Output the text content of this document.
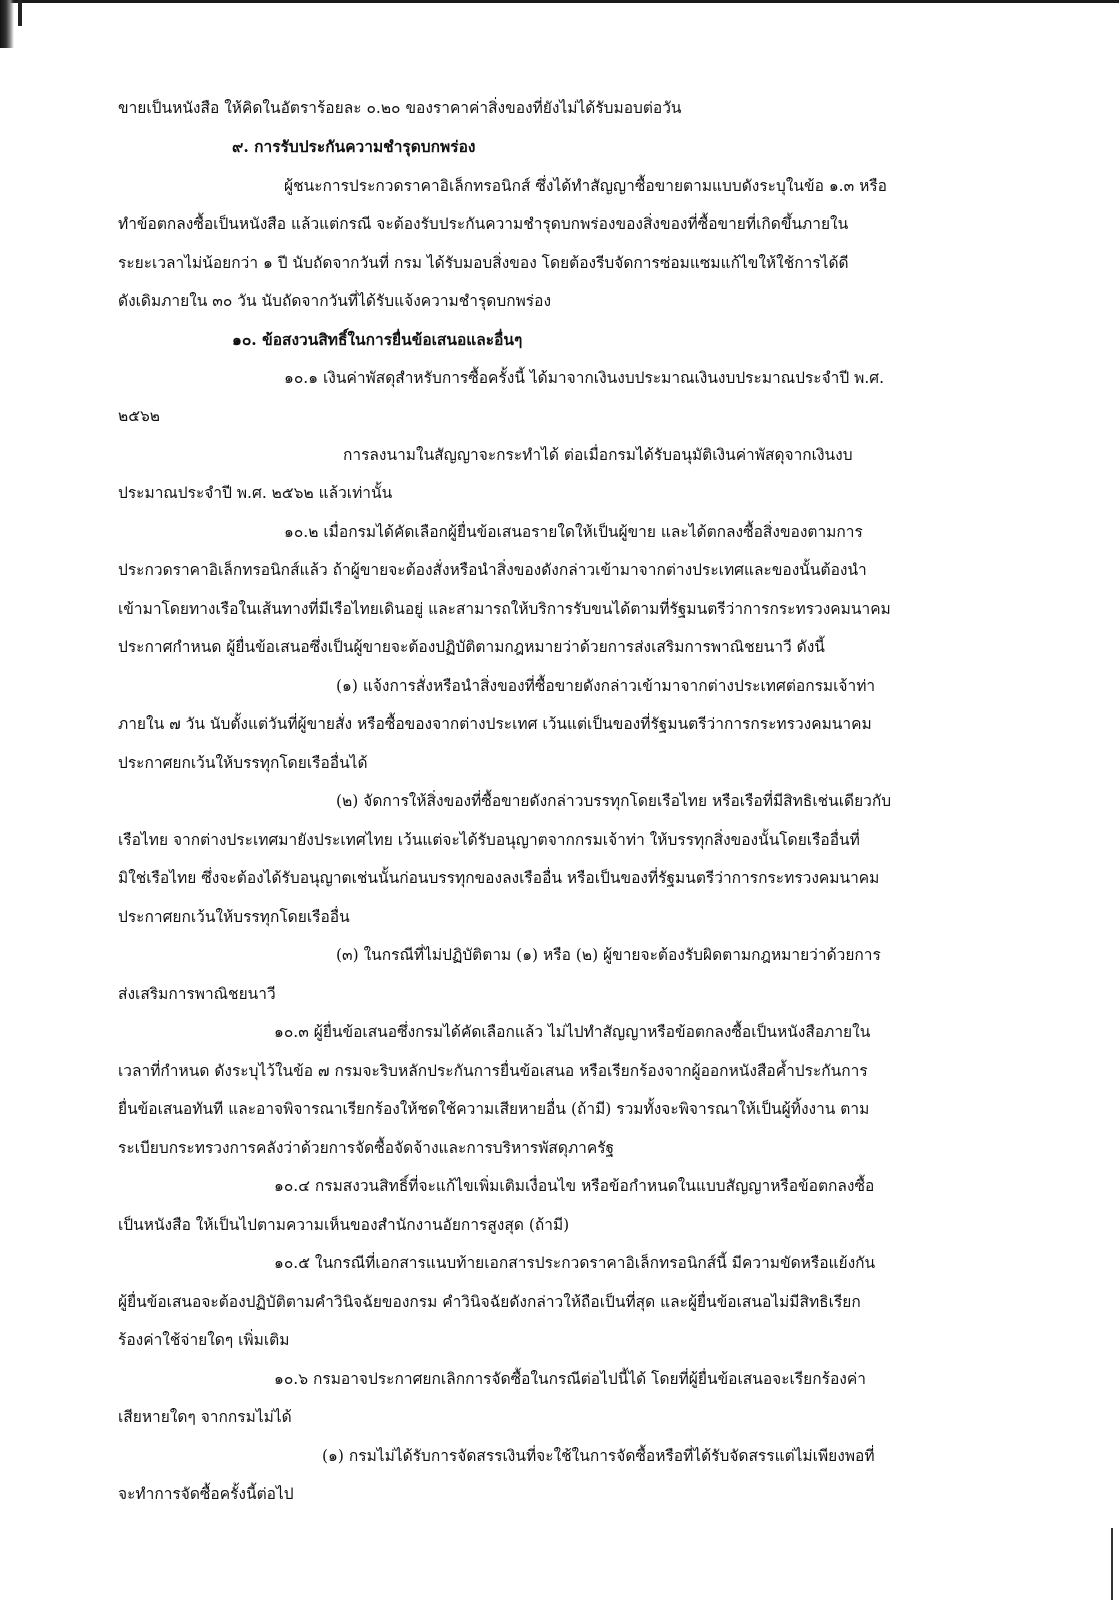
ขายเป็นหนังสือ ให้คิดในอัตราร้อยละ ๐.๒๐ ของราคาค่าสิ่งของที่ยังไม่ได้รับมอบต่อวัน

๙. การรับประกันความชำรุดบกพร่อง

ผู้ชนะการประกวดราคาอิเล็กทรอนิกส์ ซึ่งได้ทำสัญญาซื้อขายตามแบบดังระบุในข้อ ๑.๓ หรือ

ทำข้อตกลงซื้อเป็นหนังสือ แล้วแต่กรณี จะต้องรับประกันความชำรุดบกพร่องของสิ่งของที่ซื้อขายที่เกิดขึ้นภายใน

ระยะเวลาไม่น้อยกว่า ๑ ปี นับถัดจากวันที่ กรม ได้รับมอบสิ่งของ โดยต้องรีบจัดการซ่อมแซมแก้ไขให้ใช้การได้ดี

ดังเดิมภายใน ๓๐ วัน นับถัดจากวันที่ได้รับแจ้งความชำรุดบกพร่อง

๑๐. ข้อสงวนสิทธิ์ในการยื่นข้อเสนอและอื่นๆ

๑๐.๑ เงินค่าพัสดุสำหรับการซื้อครั้งนี้ ได้มาจากเงินงบประมาณเงินงบประมาณประจำปี พ.ศ.

๒๕๖๒

การลงนามในสัญญาจะกระทำได้ ต่อเมื่อกรมได้รับอนุมัติเงินค่าพัสดุจากเงินงบ

ประมาณประจำปี พ.ศ. ๒๕๖๒ แล้วเท่านั้น

๑๐.๒ เมื่อกรมได้คัดเลือกผู้ยื่นข้อเสนอรายใดให้เป็นผู้ขาย และได้ตกลงซื้อสิ่งของตามการ

ประกวดราคาอิเล็กทรอนิกส์แล้ว ถ้าผู้ขายจะต้องสั่งหรือนำสิ่งของดังกล่าวเข้ามาจากต่างประเทศและของนั้นต้องนำ

เข้ามาโดยทางเรือในเส้นทางที่มีเรือไทยเดินอยู่ และสามารถให้บริการรับขนได้ตามที่รัฐมนตรีว่าการกระทรวงคมนาคม

ประกาศกำหนด ผู้ยื่นข้อเสนอซึ่งเป็นผู้ขายจะต้องปฏิบัติตามกฎหมายว่าด้วยการส่งเสริมการพาณิชยนาวี ดังนี้

(๑) แจ้งการสั่งหรือนำสิ่งของที่ซื้อขายดังกล่าวเข้ามาจากต่างประเทศต่อกรมเจ้าท่า

ภายใน ๗ วัน นับตั้งแต่วันที่ผู้ขายสั่ง หรือซื้อของจากต่างประเทศ เว้นแต่เป็นของที่รัฐมนตรีว่าการกระทรวงคมนาคม

ประกาศยกเว้นให้บรรทุกโดยเรืออื่นได้

(๒) จัดการให้สิ่งของที่ซื้อขายดังกล่าวบรรทุกโดยเรือไทย หรือเรือที่มีสิทธิเช่นเดียวกับ

เรือไทย จากต่างประเทศมายังประเทศไทย เว้นแต่จะได้รับอนุญาตจากกรมเจ้าท่า ให้บรรทุกสิ่งของนั้นโดยเรืออื่นที่

มิใช่เรือไทย ซึ่งจะต้องได้รับอนุญาตเช่นนั้นก่อนบรรทุกของลงเรืออื่น หรือเป็นของที่รัฐมนตรีว่าการกระทรวงคมนาคม

ประกาศยกเว้นให้บรรทุกโดยเรืออื่น

(๓) ในกรณีที่ไม่ปฏิบัติตาม (๑) หรือ (๒) ผู้ขายจะต้องรับผิดตามกฎหมายว่าด้วยการ

ส่งเสริมการพาณิชยนาวี

๑๐.๓ ผู้ยื่นข้อเสนอซึ่งกรมได้คัดเลือกแล้ว ไม่ไปทำสัญญาหรือข้อตกลงซื้อเป็นหนังสือภายใน

เวลาที่กำหนด ดังระบุไว้ในข้อ ๗ กรมจะริบหลักประกันการยื่นข้อเสนอ หรือเรียกร้องจากผู้ออกหนังสือค้ำประกันการ

ยื่นข้อเสนอทันที และอาจพิจารณาเรียกร้องให้ชดใช้ความเสียหายอื่น (ถ้ามี) รวมทั้งจะพิจารณาให้เป็นผู้ทิ้งงาน ตาม

ระเบียบกระทรวงการคลังว่าด้วยการจัดซื้อจัดจ้างและการบริหารพัสดุภาครัฐ

๑๐.๔ กรมสงวนสิทธิ์ที่จะแก้ไขเพิ่มเติมเงื่อนไข หรือข้อกำหนดในแบบสัญญาหรือข้อตกลงซื้อ

เป็นหนังสือ ให้เป็นไปตามความเห็นของสำนักงานอัยการสูงสุด (ถ้ามี)

๑๐.๕ ในกรณีที่เอกสารแนบท้ายเอกสารประกวดราคาอิเล็กทรอนิกส์นี้ มีความขัดหรือแย้งกัน

ผู้ยื่นข้อเสนอจะต้องปฏิบัติตามคำวินิจฉัยของกรม คำวินิจฉัยดังกล่าวให้ถือเป็นที่สุด และผู้ยื่นข้อเสนอไม่มีสิทธิเรียก

ร้องค่าใช้จ่ายใดๆ เพิ่มเติม

๑๐.๖ กรมอาจประกาศยกเลิกการจัดซื้อในกรณีต่อไปนี้ได้ โดยที่ผู้ยื่นข้อเสนอจะเรียกร้องค่า

เสียหายใดๆ จากกรมไม่ได้

(๑) กรมไม่ได้รับการจัดสรรเงินที่จะใช้ในการจัดซื้อหรือที่ได้รับจัดสรรแต่ไม่เพียงพอที่

จะทำการจัดซื้อครั้งนี้ต่อไป
